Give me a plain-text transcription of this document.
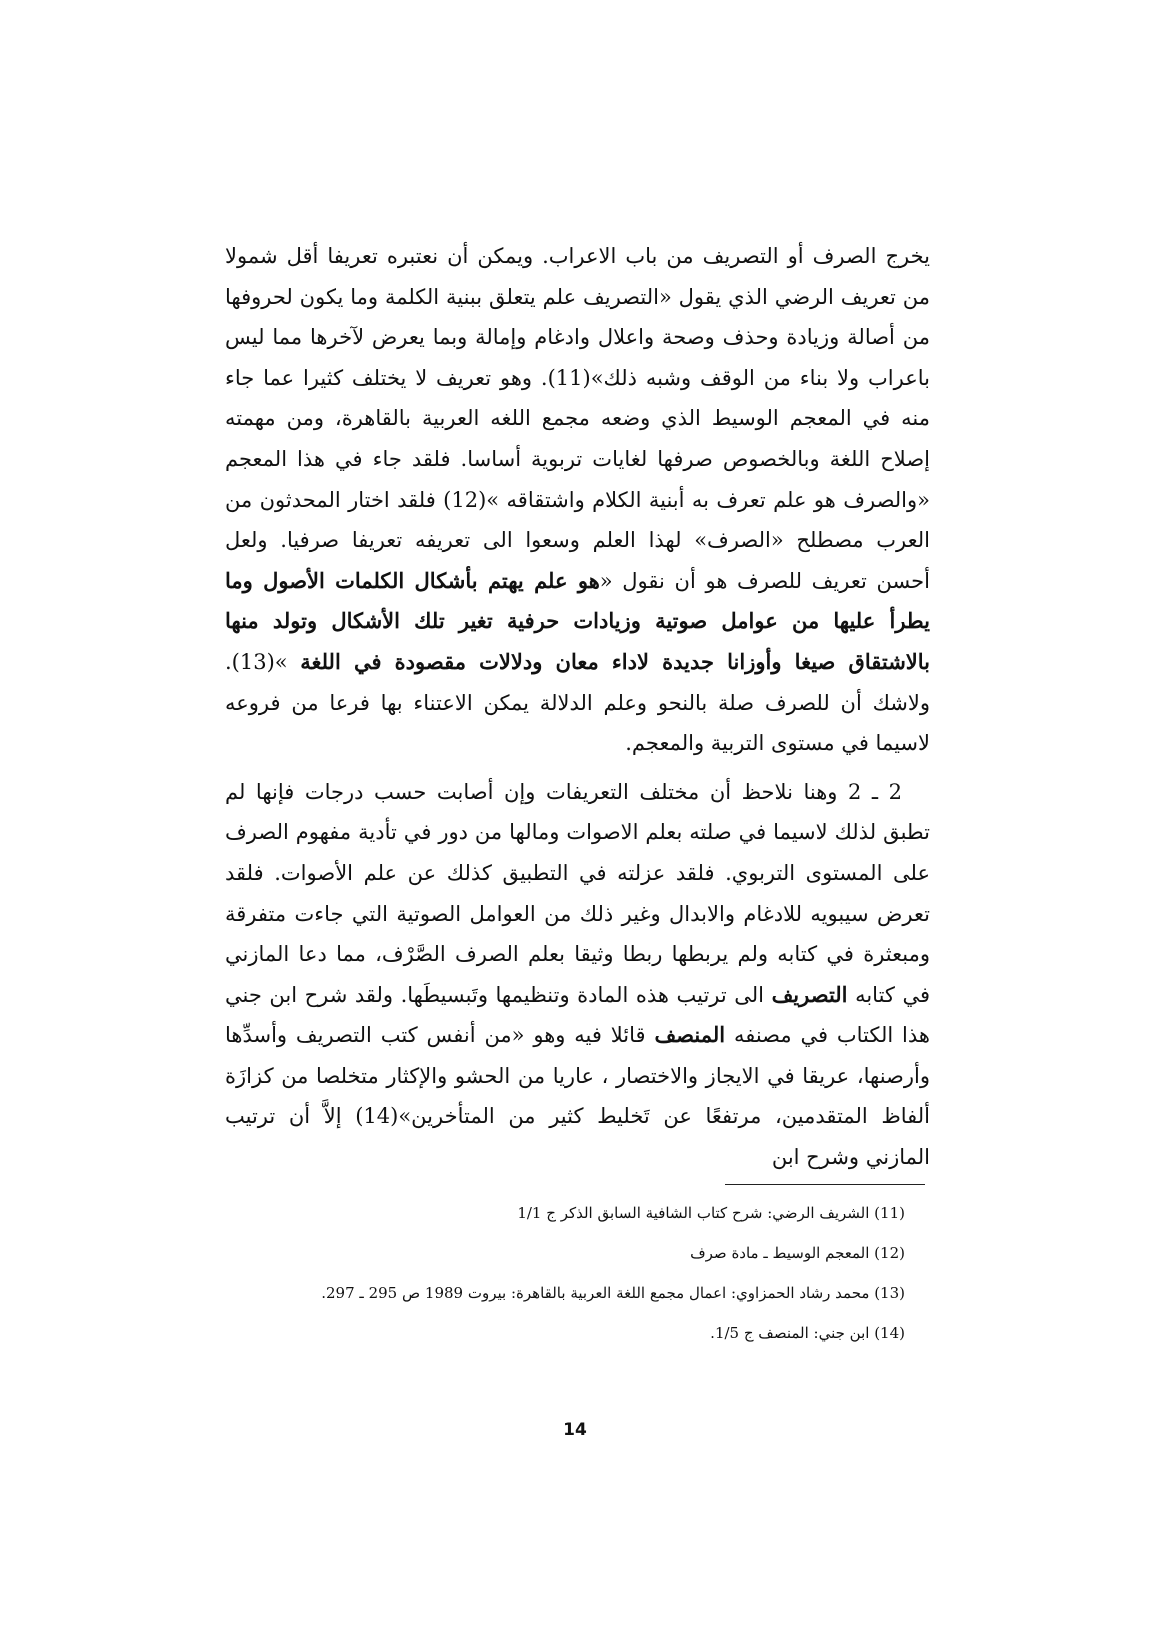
يخرج الصرف أو التصريف من باب الاعراب. ويمكن أن نعتبره تعريفا أقل شمولا من تعريف الرضي الذي يقول «التصريف علم يتعلق ببنية الكلمة وما يكون لحروفها من أصالة وزيادة وحذف وصحة واعلال وادغام وإمالة وبما يعرض لآخرها مما ليس باعراب ولا بناء من الوقف وشبه ذلك»(11). وهو تعريف لا يختلف كثيرا عما جاء منه في المعجم الوسيط الذي وضعه مجمع اللغه العربية بالقاهرة، ومن مهمته إصلاح اللغة وبالخصوص صرفها لغايات تربوية أساسا. فلقد جاء في هذا المعجم «والصرف هو علم تعرف به أبنية الكلام واشتقاقه »(12) فلقد اختار المحدثون من العرب مصطلح «الصرف» لهذا العلم وسعوا الى تعريفه تعريفا صرفيا. ولعل أحسن تعريف للصرف هو أن نقول «هو علم يهتم بأشكال الكلمات الأصول وما يطرأ عليها من عوامل صوتية وزيادات حرفية تغير تلك الأشكال وتولد منها بالاشتقاق صيغا وأوزانا جديدة لاداء معان ودلالات مقصودة في اللغة »(13). ولاشك أن للصرف صلة بالنحو وعلم الدلالة يمكن الاعتناء بها فرعا من فروعه لاسيما في مستوى التربية والمعجم.

2 ـ 2 وهنا نلاحظ أن مختلف التعريفات وإن أصابت حسب درجات فإنها لم تطبق لذلك لاسيما في صلته بعلم الاصوات ومالها من دور في تأدية مفهوم الصرف على المستوى التربوي. فلقد عزلته في التطبيق كذلك عن علم الأصوات. فلقد تعرض سيبويه للادغام والابدال وغير ذلك من العوامل الصوتية التي جاءت متفرقة ومبعثرة في كتابه ولم يربطها ربطا وثيقا بعلم الصرف الصَّرْف، مما دعا المازني في كتابه التصريف الى ترتيب هذه المادة وتنظيمها وتَبسيطَها. ولقد شرح ابن جني هذا الكتاب في مصنفه المنصف قائلا فيه وهو «من أنفس كتب التصريف وأسدِّها وأرصنها، عريقا في الايجاز والاختصار ، عاريا من الحشو والإكثار متخلصا من كزازَة ألفاظ المتقدمين، مرتفعًا عن تَخليط كثير من المتأخرين»(14) إلاَّ أن ترتيب المازني وشرح ابن

(11) الشريف الرضي: شرح كتاب الشافية السابق الذكر ج 1/1

(12) المعجم الوسيط ـ مادة صرف

(13) محمد رشاد الحمزاوي: اعمال مجمع اللغة العربية بالقاهرة: بيروت 1989 ص 295 ـ 297.

(14) ابن جني: المنصف ج 1/5.

14
